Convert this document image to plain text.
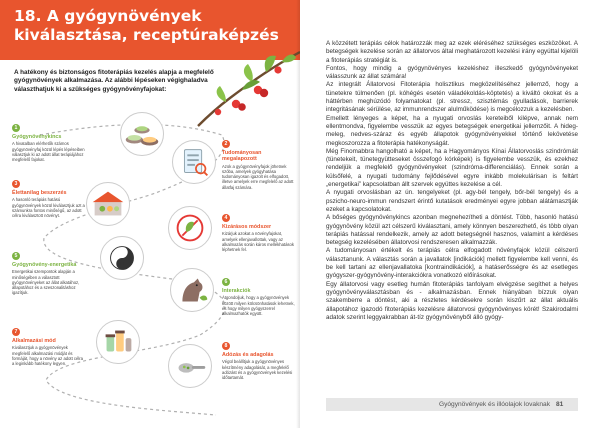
18. A gyógynövények kiválasztása, receptúraképzés

A hatékony és biztonságos fitoterápiás kezelés alapja a megfelelő gyógynövények alkalmazása. Az alábbi lépéseken végighaladva választhatjuk ki a szükséges gyógynövényfajokat:

1
Gyógynövénykincs
A hivatalban elérhetők számos gyógynövényfaj közül lépés lépéseiben választjuk ki az adott állat terápiájához megfelelő fajokat.
2
Tudományosan megalapozott
Azok a gyógynövényfajok jöhetnek szóba, amelyek gyógyhatása tudományosan igazolt és elfogadott, illetve amelyek erre megfelelő az adott állatfaj számára.
3
Élettanilag beszerzés
A hasonló terápiás hatású gyógynövények közül kiválasztjuk azt a számunkra fontos minőségű, az adott célra kiválasztott növényt.	4
Kizárásos módszer
Kizárjuk azokat a növényfajokat, amelyek ellenjavallottak, vagy az alkalmazás során káros mellékhatások léphetnek fel.
5
Gyógynövény-energetika
Energetikai szempontok alapján a minőségében a választott gyógynövényeket az állat alkatához, állapotához és a szeszonalitáshoz igazítjuk.
6
Interakciók
Átgondoljuk, hogy a gyógynövények között milyen kölcsönhatások lehetnek, és hogy milyen gyógyszerrel alkalmazhatók együtt.
7
Alkalmazási mód
Kiválasztjuk a gyógynövények megfelelő alkalmazási módját és formáját, hogy a növény az adott célra a leginkább hatékony legyen.
8
Adózás és adagolás
Végül beállítjuk a gyógynövényes készítmény adagolását, a megfelelő adózást és a gyógynövények kezelési időtartamát.

A közzétett terápiás célok határozzák meg az ezek eléréséhez szükséges eszközöket. A betegségek kezelése során az állatorvos által meghatározott kezelési irány egyúttal kijelöli a fitoterápiás stratégiát is.

Fontos, hogy mindig a gyógynövényes kezeléshez illeszkedő gyógynövényeket válasszunk az állat számára!

Az integrált Állatorvosi Fitoterápia holisztikus megközelítéséhez jellemző, hogy a tünetekre túlmenően (pl. kóhégés esetén váladékoldás-köptetés) a kiváltó okokat és a háttérben meghúzódó folyamatokat (pl. stressz, szisztémás gyulladások, barrierek integritásának sérülése, az immunrendszer alulműködése) is megcélozzuk a kezelésben.

Emellett lényeges a képet, ha a nyugati orvoslás kereteiből kilépve, annak nem ellentmondva, figyelembe vesszük az egyes betegségek energetikai jellemzőit. A hideg-meleg, nedves-száraz és egyéb állapotok gyógynövényekkel történő lekövetése megkoszorozza a fitoterápia hatékonyságát.

Még Finomabbra hangolható a képet, ha a Hagyományos Kínai Állatorvoslás szindrómáit (tünetekeit, tünetegyütteseket összefogó kórképek) is figyelembe vesszük, és ezekhez rendeljük a megfelelő gyógynövényeket (szindróma-differenciálás). Ennek során a külsőfelé, a nyugati tudomány fejlődésével egyre inkább molekulárisan is feltárt „energetikai” kapcsolatban állt szervek együttes kezelése a cél.

A nyugati orvoslásban az ún. tengelyeket (pl. agy-bél tengely, bőr-bél tengely) és a pszicho-neuro-immun rendszert érintő kutatások eredményei egyre jobban alátámasztják ezeket a kapcsolatokat.

A bőséges gyógynövénykincs azonban megnehezítheti a döntést. Több, hasonló hatású gyógynövény közül azt célszerű kiválasztani, amely könnyen beszerezhető, és több olyan terápiás hatással rendelkezik, amely az adott betegségnél hasznos, valamint a kérdéses betegség kezelésében állatorvosi rendszeresen alkalmazzák.

A tudományosan értékelt és terápiás célra elfogadott növényfajok közül célszerű választanunk. A választás során a javallatok [indikációk] mellett figyelembe kell venni, és be kell tartani az ellenjavallatoka [kontraindikációk], a hatáserősségre és az esetleges gyógyszer-gyógynövény-interakciókra vonatkozó előírásokat.

Egy állatorvosi vagy esetleg humán fitoterápiás tanfolyam elvégzése segíthet a helyes gyógynövényválasztásban és - alkalmazásban. Ennek hiányában bízzuk olyan szakemberre a döntést, aki a részletes kérdésekre során kiszűrt az állat aktuális állapotához igazodó fitoterápiás kezelésre állatorvosi gyógynövényes körét! Szakirodalmi adatok szerint leggyakrabban át-tíz gyógynövényből álló gyógy-

Gyógynövények és illóolajok lovaknak 81
